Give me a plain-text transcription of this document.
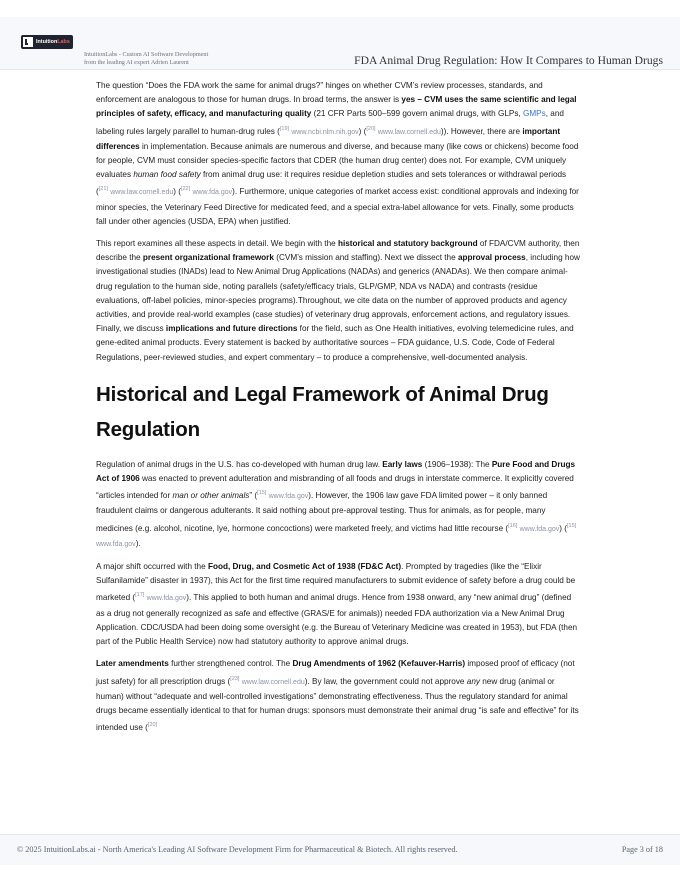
IntuitionLabs
IntuitionLabs - Custom AI Software Development
from the leading AI expert Adrien Laurent	FDA Animal Drug Regulation: How It Compares to Human Drugs

The question “Does the FDA work the same for animal drugs?” hinges on whether CVM’s review processes, standards, and enforcement are analogous to those for human drugs. In broad terms, the answer is yes – CVM uses the same scientific and legal principles of safety, efficacy, and manufacturing quality (21 CFR Parts 500–599 govern animal drugs, with GLPs, GMPs, and labeling rules largely parallel to human-drug rules ([19] www.ncbi.nlm.nih.gov) ([20] www.law.cornell.edu)). However, there are important differences in implementation. Because animals are numerous and diverse, and because many (like cows or chickens) become food for people, CVM must consider species-specific factors that CDER (the human drug center) does not. For example, CVM uniquely evaluates human food safety from animal drug use: it requires residue depletion studies and sets tolerances or withdrawal periods ([21] www.law.cornell.edu) ([22] www.fda.gov). Furthermore, unique categories of market access exist: conditional approvals and indexing for minor species, the Veterinary Feed Directive for medicated feed, and a special extra-label allowance for vets. Finally, some products fall under other agencies (USDA, EPA) when justified.

This report examines all these aspects in detail. We begin with the historical and statutory background of FDA/CVM authority, then describe the present organizational framework (CVM’s mission and staffing). Next we dissect the approval process, including how investigational studies (INADs) lead to New Animal Drug Applications (NADAs) and generics (ANADAs). We then compare animal-drug regulation to the human side, noting parallels (safety/efficacy trials, GLP/GMP, NDA vs NADA) and contrasts (residue evaluations, off-label policies, minor-species programs).Throughout, we cite data on the number of approved products and agency activities, and provide real-world examples (case studies) of veterinary drug approvals, enforcement actions, and regulatory issues. Finally, we discuss implications and future directions for the field, such as One Health initiatives, evolving telemedicine rules, and gene-edited animal products. Every statement is backed by authoritative sources – FDA guidance, U.S. Code, Code of Federal Regulations, peer-reviewed studies, and expert commentary – to produce a comprehensive, well-documented analysis.

Historical and Legal Framework of Animal Drug Regulation

Regulation of animal drugs in the U.S. has co-developed with human drug law. Early laws (1906–1938): The Pure Food and Drugs Act of 1906 was enacted to prevent adulteration and misbranding of all foods and drugs in interstate commerce. It explicitly covered “articles intended for man or other animals” ([15] www.fda.gov). However, the 1906 law gave FDA limited power – it only banned fraudulent claims or dangerous adulterants. It said nothing about pre-approval testing. Thus for animals, as for people, many medicines (e.g. alcohol, nicotine, lye, hormone concoctions) were marketed freely, and victims had little recourse ([16] www.fda.gov) ([15] www.fda.gov).

A major shift occurred with the Food, Drug, and Cosmetic Act of 1938 (FD&C Act). Prompted by tragedies (like the “Elixir Sulfanilamide” disaster in 1937), this Act for the first time required manufacturers to submit evidence of safety before a drug could be marketed ([17] www.fda.gov). This applied to both human and animal drugs. Hence from 1938 onward, any “new animal drug” (defined as a drug not generally recognized as safe and effective (GRAS/E for animals)) needed FDA authorization via a New Animal Drug Application. CDC/USDA had been doing some oversight (e.g. the Bureau of Veterinary Medicine was created in 1953), but FDA (then part of the Public Health Service) now had statutory authority to approve animal drugs.

Later amendments further strengthened control. The Drug Amendments of 1962 (Kefauver-Harris) imposed proof of efficacy (not just safety) for all prescription drugs ([23] www.law.cornell.edu). By law, the government could not approve any new drug (animal or human) without “adequate and well-controlled investigations” demonstrating effectiveness. Thus the regulatory standard for animal drugs became essentially identical to that for human drugs: sponsors must demonstrate their animal drug “is safe and effective” for its intended use ([20]

© 2025 IntuitionLabs.ai - North America's Leading AI Software Development Firm for Pharmaceutical & Biotech. All rights reserved.	Page 3 of 18
